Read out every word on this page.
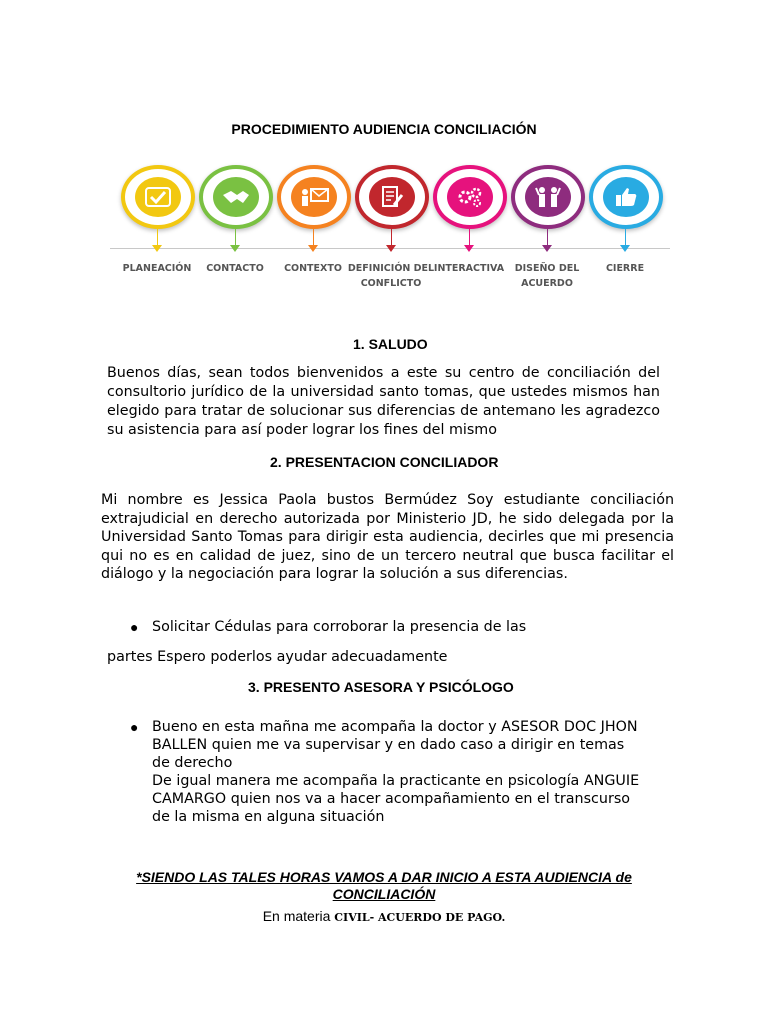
PROCEDIMIENTO AUDIENCIA CONCILIACIÓN
PLANEACIÓN	CONTACTO	CONTEXTO DEFINICIÓN DEL
CONFLICTO
INTERACTIVA	DISEÑO DEL
ACUERDO
CIERRE

1. SALUDO
Buenos días, sean todos bienvenidos a este su centro de conciliación del consultorio jurídico de la universidad santo tomas, que ustedes mismos han elegido para tratar de solucionar sus diferencias de antemano les agradezco su asistencia para así poder lograr los fines del mismo
2. PRESENTACION CONCILIADOR
Mi nombre es Jessica Paola bustos Bermúdez Soy estudiante conciliación extrajudicial en derecho autorizada por Ministerio JD, he sido delegada por la Universidad Santo Tomas para dirigir esta audiencia, decirles que mi presencia qui no es en calidad de juez, sino de un tercero neutral que busca facilitar el diálogo y la negociación para lograr la solución a sus diferencias.
● Solicitar Cédulas para corroborar la presencia de las
partes Espero poderlos ayudar adecuadamente
3. PRESENTO ASESORA Y PSICÓLOGO
● Bueno en esta mañna me acompaña la doctor y ASESOR DOC JHON
BALLEN quien me va supervisar y en dado caso a dirigir en temas
de derecho
De igual manera me acompaña la practicante en psicología ANGUIE
CAMARGO quien nos va a hacer acompañamiento en el transcurso
de la misma en alguna situación
*SIENDO LAS TALES HORAS VAMOS A DAR INICIO A ESTA AUDIENCIA de
CONCILIACIÓN
En materia CIVIL- ACUERDO DE PAGO.
